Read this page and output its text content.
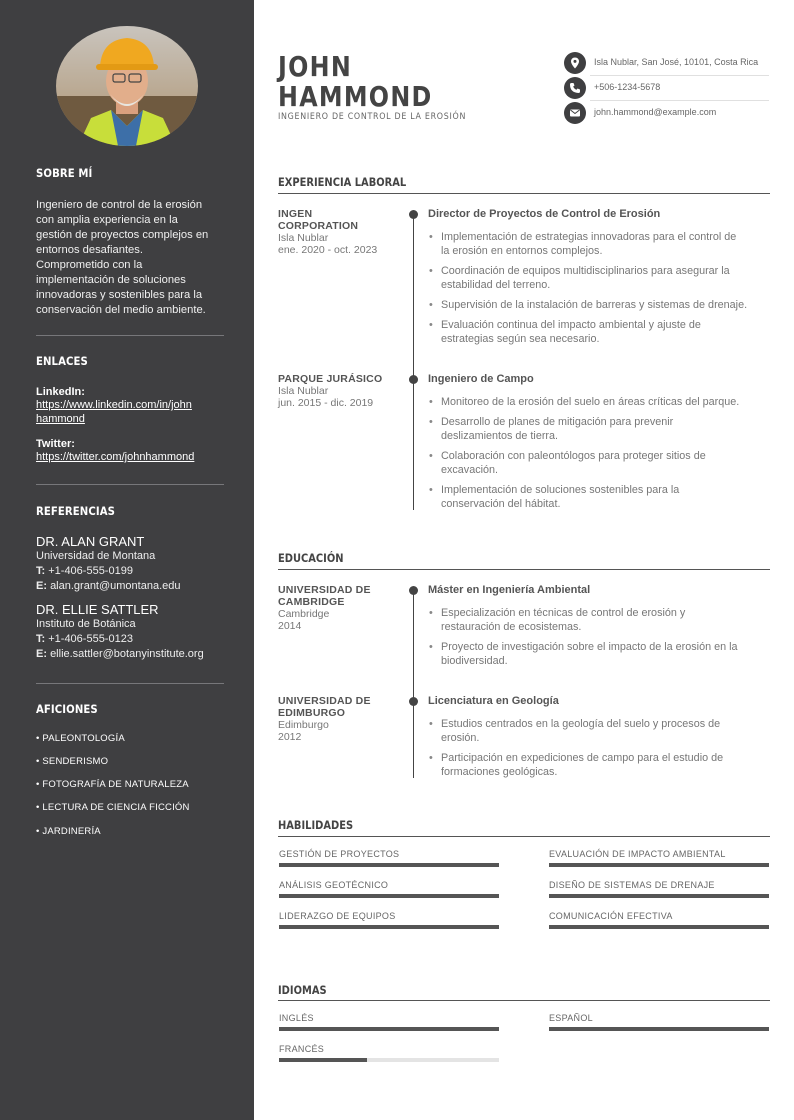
SOBRE MÍ
Ingeniero de control de la erosión
con amplia experiencia en la
gestión de proyectos complejos en
entornos desafiantes.
Comprometido con la
implementación de soluciones
innovadoras y sostenibles para la
conservación del medio ambiente.
ENLACES
LinkedIn:
https://www.linkedin.com/in/john
hammond
Twitter:
https://twitter.com/johnhammond
REFERENCIAS
DR. ALAN GRANT
Universidad de Montana
T: +1-406-555-0199
E: alan.grant@umontana.edu
DR. ELLIE SATTLER
Instituto de Botánica
T: +1-406-555-0123
E: ellie.sattler@botanyinstitute.org
AFICIONES
• PALEONTOLOGÍA
• SENDERISMO
• FOTOGRAFÍA DE NATURALEZA
• LECTURA DE CIENCIA FICCIÓN
• JARDINERÍA
JOHN
HAMMOND
INGENIERO DE CONTROL DE LA EROSIÓN
Isla Nublar, San José, 10101, Costa Rica
+506-1234-5678
john.hammond@example.com
EXPERIENCIA LABORAL
INGEN
CORPORATION
Isla Nublar
ene. 2020 - oct. 2023
Director de Proyectos de Control de Erosión
• Implementación de estrategias innovadoras para el control de
la erosión en entornos complejos.
• Coordinación de equipos multidisciplinarios para asegurar la
estabilidad del terreno.
• Supervisión de la instalación de barreras y sistemas de drenaje.
• Evaluación continua del impacto ambiental y ajuste de
estrategias según sea necesario.
PARQUE JURÁSICO
Isla Nublar
jun. 2015 - dic. 2019
Ingeniero de Campo
• Monitoreo de la erosión del suelo en áreas críticas del parque.
• Desarrollo de planes de mitigación para prevenir
deslizamientos de tierra.
• Colaboración con paleontólogos para proteger sitios de
excavación.
• Implementación de soluciones sostenibles para la
conservación del hábitat.
EDUCACIÓN
UNIVERSIDAD DE
CAMBRIDGE
Cambridge
2014
Máster en Ingeniería Ambiental
• Especialización en técnicas de control de erosión y
restauración de ecosistemas.
• Proyecto de investigación sobre el impacto de la erosión en la
biodiversidad.
UNIVERSIDAD DE
EDIMBURGO
Edimburgo
2012
Licenciatura en Geología
• Estudios centrados en la geología del suelo y procesos de
erosión.
• Participación en expediciones de campo para el estudio de
formaciones geológicas.
HABILIDADES
GESTIÓN DE PROYECTOS	EVALUACIÓN DE IMPACTO AMBIENTAL
ANÁLISIS GEOTÉCNICO	DISEÑO DE SISTEMAS DE DRENAJE
LIDERAZGO DE EQUIPOS	COMUNICACIÓN EFECTIVA
IDIOMAS
INGLÉS	ESPAÑOL
FRANCÉS
